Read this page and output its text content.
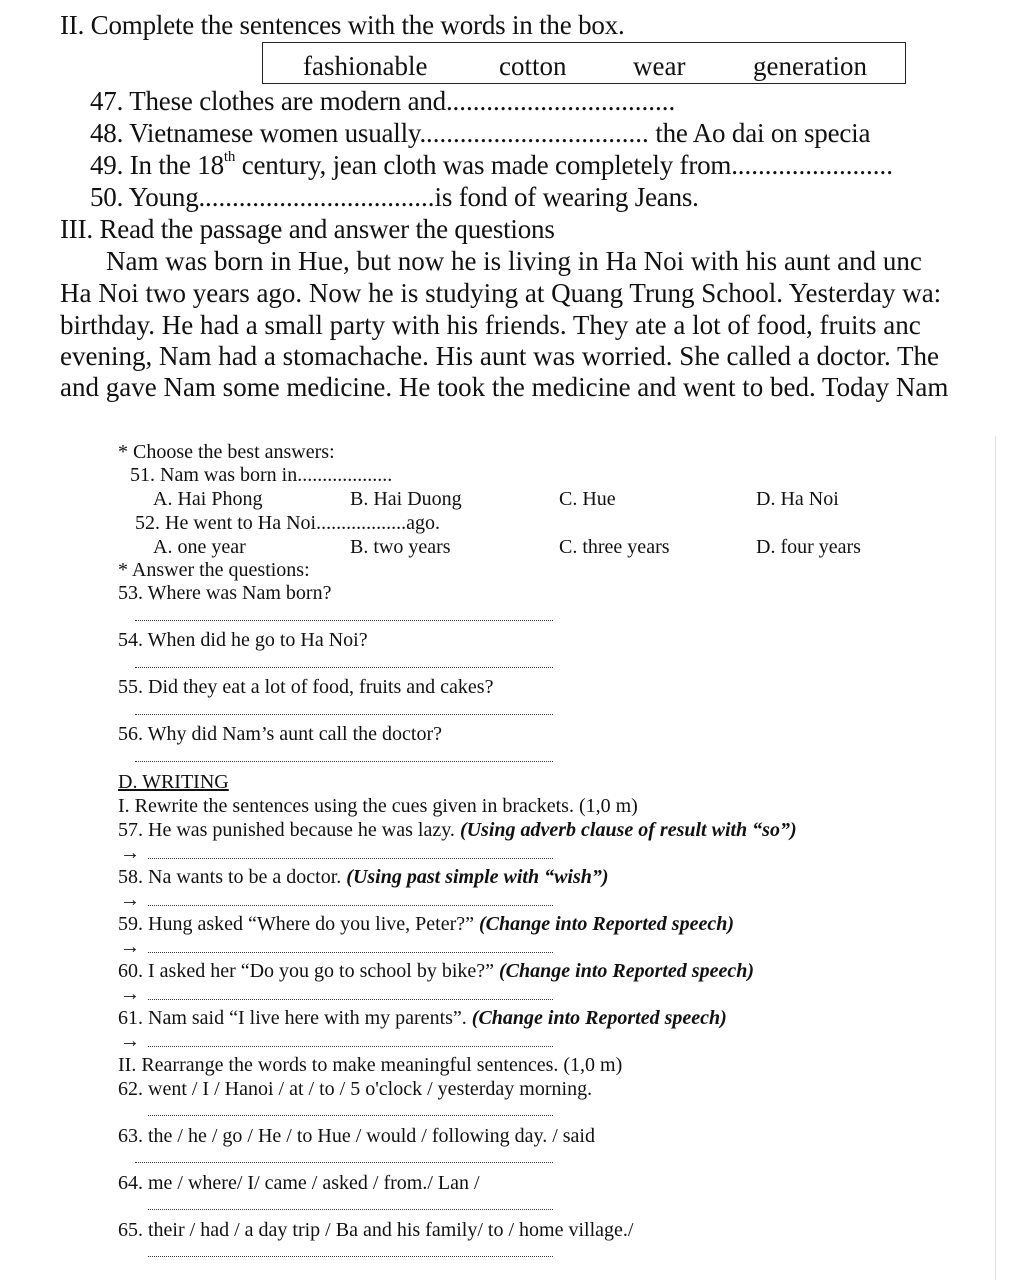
II. Complete the sentences with the words in the box.
fashionable	cotton wear	generation
47. These clothes are modern and..................................
48. Vietnamese women usually.................................. the Ao dai on specia
49. In the 18th century, jean cloth was made completely from........................
50. Young...................................is fond of wearing Jeans.
III. Read the passage and answer the questions
Nam was born in Hue, but now he is living in Ha Noi with his aunt and unc
Ha Noi two years ago. Now he is studying at Quang Trung School. Yesterday wa:
birthday. He had a small party with his friends. They ate a lot of food, fruits anc
evening, Nam had a stomachache. His aunt was worried. She called a doctor. The
and gave Nam some medicine. He took the medicine and went to bed. Today Nam
* Choose the best answers:
51. Nam was born in...................
A. Hai Phong	B. Hai Duong	C. Hue	D. Ha Noi
52. He went to Ha Noi..................ago.
A. one year	B. two years	C. three years	D. four years
* Answer the questions:
53. Where was Nam born?
54. When did he go to Ha Noi?
55. Did they eat a lot of food, fruits and cakes?
56. Why did Nam’s aunt call the doctor?
D. WRITING
I. Rewrite the sentences using the cues given in brackets. (1,0 m)
57. He was punished because he was lazy. (Using adverb clause of result with “so”)
→
58. Na wants to be a doctor. (Using past simple with “wish”)
→
59. Hung asked “Where do you live, Peter?” (Change into Reported speech)
→
60. I asked her “Do you go to school by bike?” (Change into Reported speech)
→
61. Nam said “I live here with my parents”. (Change into Reported speech)
→
II. Rearrange the words to make meaningful sentences. (1,0 m)
62. went / I / Hanoi / at / to / 5 o'clock / yesterday morning.
63. the / he / go / He / to Hue / would / following day. / said
64. me / where/ I/ came / asked / from./ Lan /
65. their / had / a day trip / Ba and his family/ to / home village./
